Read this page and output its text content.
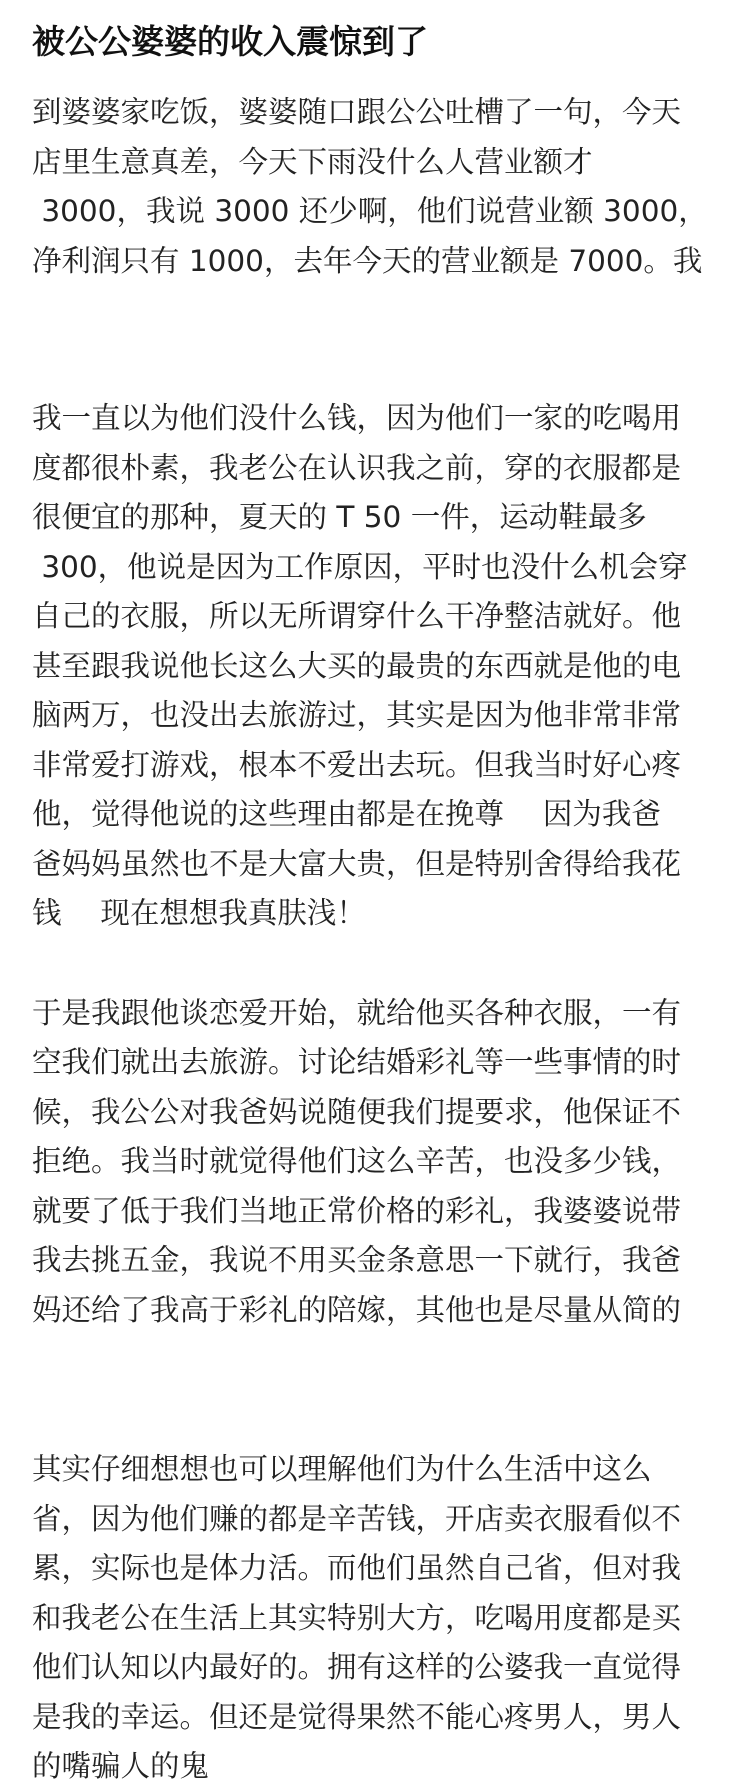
被公公婆婆的收入震惊到了
到婆婆家吃饭，婆婆随口跟公公吐槽了一句，今天
店里生意真差，今天下雨没什么人营业额才
3000，我说 3000 还少啊，他们说营业额 3000，
净利润只有 1000，去年今天的营业额是 7000。我
我一直以为他们没什么钱，因为他们一家的吃喝用
度都很朴素，我老公在认识我之前，穿的衣服都是
很便宜的那种，夏天的 T 50 一件，运动鞋最多
300，他说是因为工作原因，平时也没什么机会穿
自己的衣服，所以无所谓穿什么干净整洁就好。他
甚至跟我说他长这么大买的最贵的东西就是他的电
脑两万，也没出去旅游过，其实是因为他非常非常
非常爱打游戏，根本不爱出去玩。但我当时好心疼
他，觉得他说的这些理由都是在挽尊　 因为我爸
爸妈妈虽然也不是大富大贵，但是特别舍得给我花
钱　 现在想想我真肤浅！
于是我跟他谈恋爱开始，就给他买各种衣服，一有
空我们就出去旅游。讨论结婚彩礼等一些事情的时
候，我公公对我爸妈说随便我们提要求，他保证不
拒绝。我当时就觉得他们这么辛苦，也没多少钱，
就要了低于我们当地正常价格的彩礼，我婆婆说带
我去挑五金，我说不用买金条意思一下就行，我爸
妈还给了我高于彩礼的陪嫁，其他也是尽量从简的
其实仔细想想也可以理解他们为什么生活中这么
省，因为他们赚的都是辛苦钱，开店卖衣服看似不
累，实际也是体力活。而他们虽然自己省，但对我
和我老公在生活上其实特别大方，吃喝用度都是买
他们认知以内最好的。拥有这样的公婆我一直觉得
是我的幸运。但还是觉得果然不能心疼男人，男人
的嘴骗人的鬼
